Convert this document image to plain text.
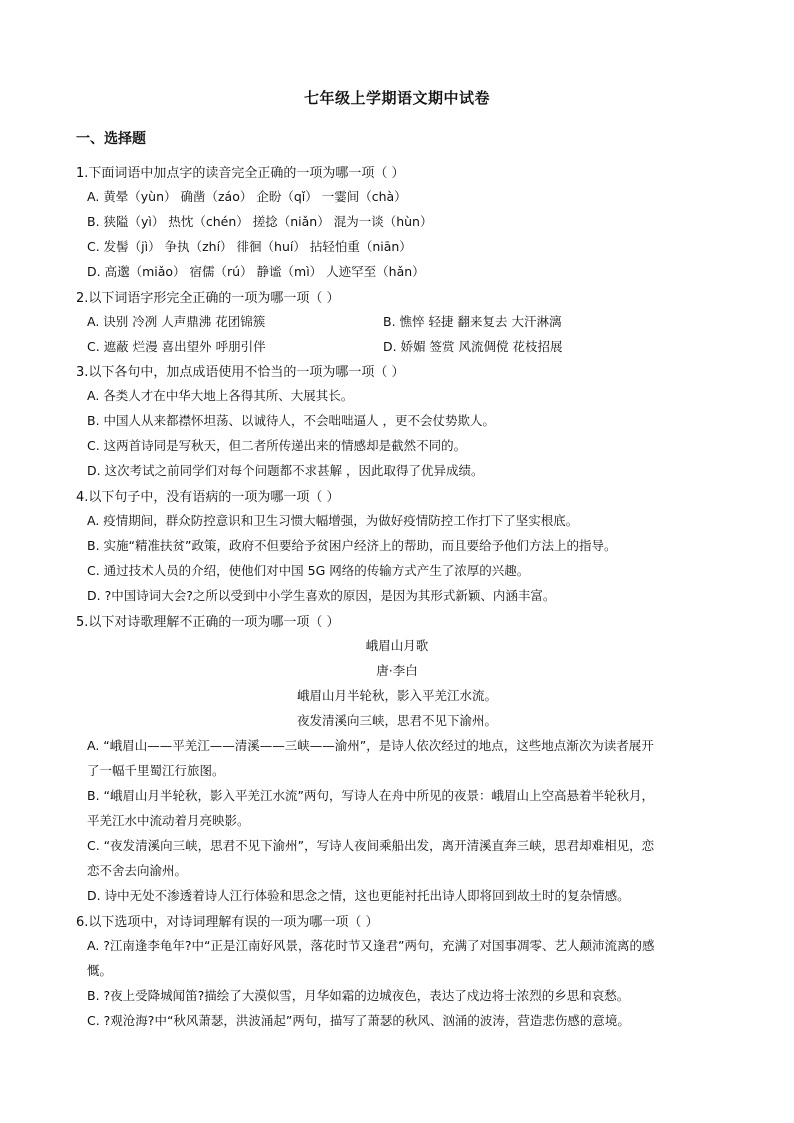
七年级上学期语文期中试卷
一、选择题
1.下面词语中加点字的读音完全正确的一项为哪一项（ ）
A. 黄晕（yùn） 确凿（záo） 企盼（qǐ） 一霎间（chà）
B. 狭隘（yì） 热忱（chén） 搓捻（niǎn） 混为一谈（hùn）
C. 发髻（jì） 争执（zhí） 徘徊（huí） 拈轻怕重（niān）
D. 高邈（miǎo） 宿儒（rú） 静谧（mì） 人迹罕至（hǎn）
2.以下词语字形完全正确的一项为哪一项（ ）
A. 诀别 冷冽 人声鼎沸 花团锦簇	B. 憔悴 轻捷 翻来复去 大汗淋漓
C. 遮蔽 烂漫 喜出望外 呼朋引伴	D. 娇媚 签赏 风流倜傥 花枝招展
3.以下各句中，加点成语使用不恰当的一项为哪一项（ ）
A. 各类人才在中华大地上各得其所、大展其长。
B. 中国人从来都襟怀坦荡、以诚待人，不会咄咄逼人 ，更不会仗势欺人。
C. 这两首诗同是写秋天，但二者所传递出来的情感却是截然不同的。
D. 这次考试之前同学们对每个问题都不求甚解 ，因此取得了优异成绩。
4.以下句子中，没有语病的一项为哪一项（ ）
A. 疫情期间，群众防控意识和卫生习惯大幅增强，为做好疫情防控工作打下了坚实根底。
B. 实施“精准扶贫”政策，政府不但要给予贫困户经济上的帮助，而且要给予他们方法上的指导。
C. 通过技术人员的介绍，使他们对中国 5G 网络的传输方式产生了浓厚的兴趣。
D. ?中国诗词大会?之所以受到中小学生喜欢的原因，是因为其形式新颖、内涵丰富。
5.以下对诗歌理解不正确的一项为哪一项（ ）
峨眉山月歌
唐·李白
峨眉山月半轮秋，影入平羌江水流。
夜发清溪向三峡，思君不见下渝州。
A. “峨眉山——平羌江——清溪——三峡——渝州”，是诗人依次经过的地点，这些地点渐次为读者展开
了一幅千里蜀江行旅图。
B. “峨眉山月半轮秋，影入平羌江水流”两句，写诗人在舟中所见的夜景：峨眉山上空高悬着半轮秋月，
平羌江水中流动着月亮映影。
C. “夜发清溪向三峡，思君不见下渝州”，写诗人夜间乘船出发，离开清溪直奔三峡，思君却难相见，恋
恋不舍去向渝州。
D. 诗中无处不渗透着诗人江行体验和思念之情，这也更能衬托出诗人即将回到故土时的复杂情感。
6.以下选项中，对诗词理解有误的一项为哪一项（ ）
A. ?江南逢李龟年?中“正是江南好风景，落花时节又逢君”两句，充满了对国事凋零、艺人颠沛流离的感
慨。
B. ?夜上受降城闻笛?描绘了大漠似雪，月华如霜的边城夜色，表达了戍边将士浓烈的乡思和哀愁。
C. ?观沧海?中“秋风萧瑟，洪波涌起”两句，描写了萧瑟的秋风、汹涌的波涛，营造悲伤感的意境。
